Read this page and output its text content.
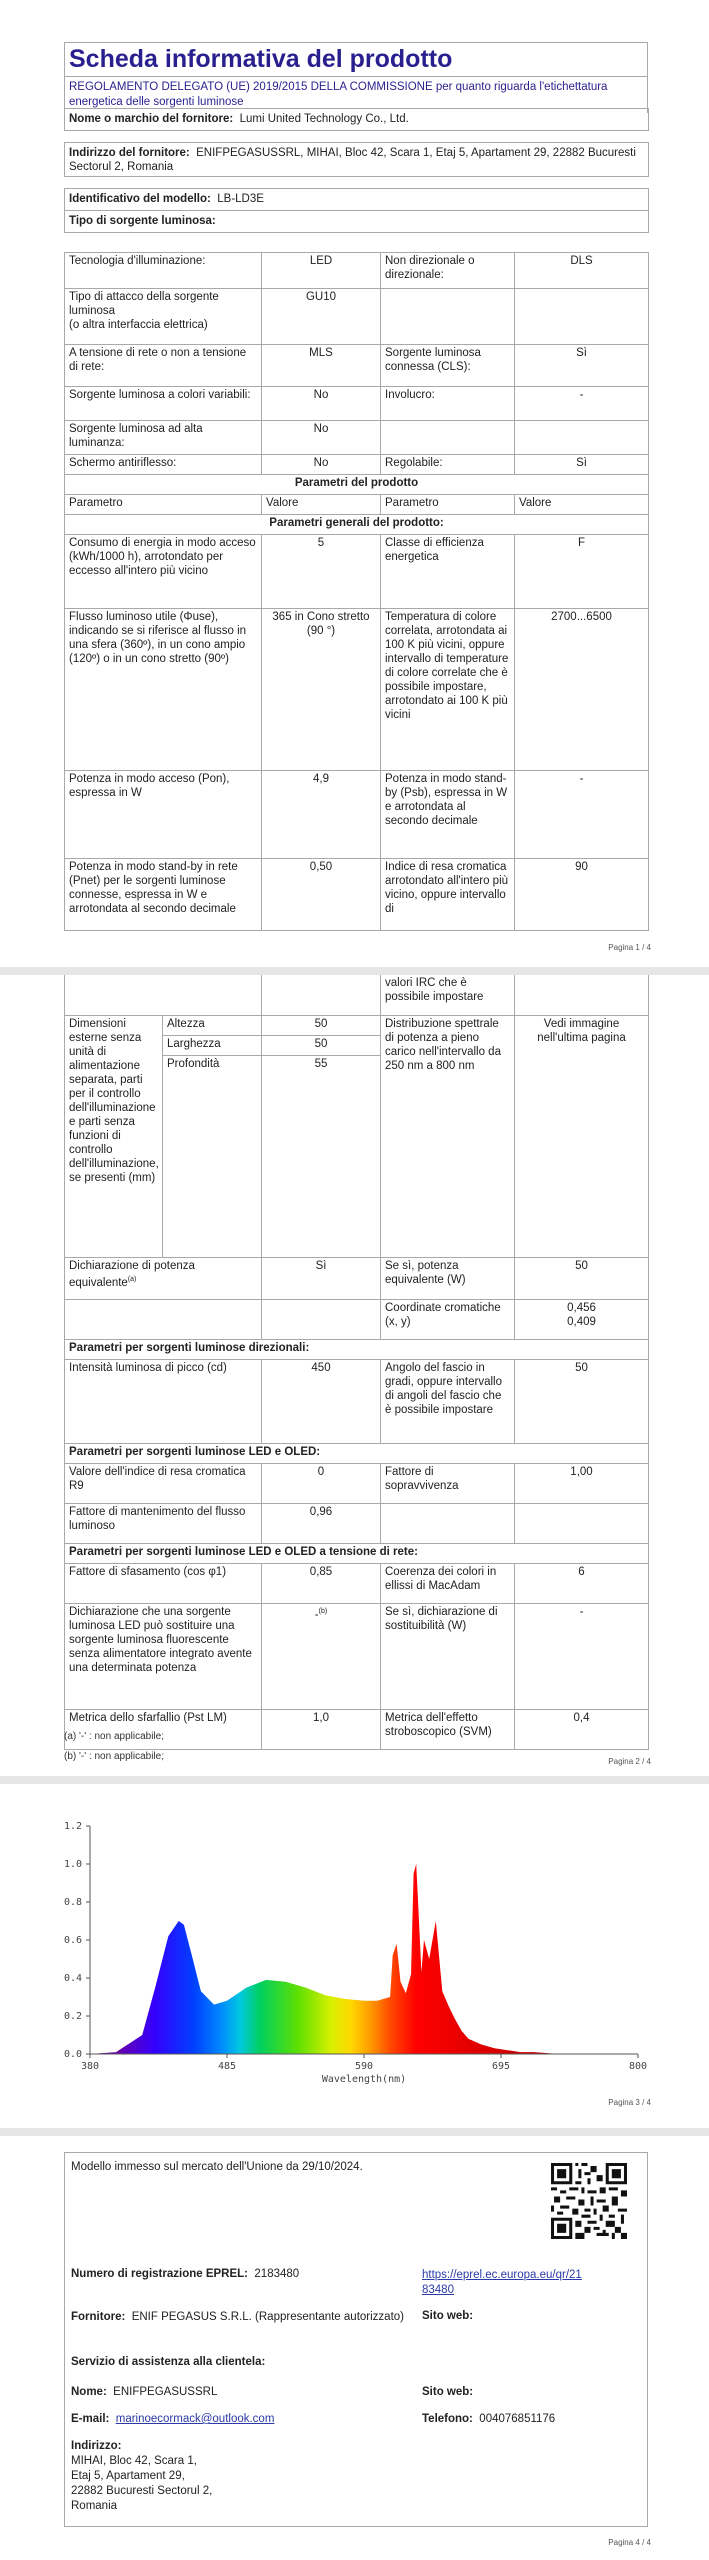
Scheda informativa del prodotto
REGOLAMENTO DELEGATO (UE) 2019/2015 DELLA COMMISSIONE per quanto riguarda l'etichettatura energetica delle sorgenti luminose
Nome o marchio del fornitore: Lumi United Technology Co., Ltd.

Indirizzo del fornitore: ENIFPEGASUSSRL, MIHAI, Bloc 42, Scara 1, Etaj 5, Apartament 29, 22882 Bucuresti Sectorul 2, Romania

Identificativo del modello: LB-LD3E
Tipo di sorgente luminosa:
Tecnologia d'illuminazione:	LED	Non direzionale o direzionale:	DLS

Tipo di attacco della sorgente luminosa
(o altra interfaccia elettrica)	GU10		
A tensione di rete o non a tensione di rete:	MLS	Sorgente luminosa connessa (CLS):	Sì
Sorgente luminosa a colori variabili:	No	Involucro:	-
Sorgente luminosa ad alta luminanza:	No		
Schermo antiriflesso:	No	Regolabile:	Sì
Parametri del prodotto			
Parametro	Valore	Parametro	Valore
Parametri generali del prodotto:			
Consumo di energia in modo acceso (kWh/1000 h), arrotondato per eccesso all'intero più vicino	5	Classe di efficienza energetica	F
Flusso luminoso utile (Φuse), indicando se si riferisce al flusso in una sfera (360º), in un cono ampio (120º) o in un cono stretto (90º)	365 in Cono stretto (90 °)	Temperatura di colore correlata, arrotondata ai 100 K più vicini, oppure intervallo di temperature di colore correlate che è possibile impostare, arrotondato ai 100 K più vicini	2700...6500
Potenza in modo acceso (Pon), espressa in W	4,9	Potenza in modo stand-by (Psb), espressa in W e arrotondata al secondo decimale	-
Potenza in modo stand-by in rete (Pnet) per le sorgenti luminose connesse, espressa in W e arrotondata al secondo decimale	0,50	Indice di resa cromatica arrotondato all'intero più vicino, oppure intervallo di	90
Pagina 1 / 4
			valori IRC che è possibile impostare	
Dimensioni esterne senza unità di alimentazione separata, parti per il controllo dell'illuminazione e parti senza funzioni di controllo dell'illuminazione, se presenti (mm)	Altezza	50	Distribuzione spettrale di potenza a pieno carico nell'intervallo da 250 nm a 800 nm	Vedi immagine nell'ultima pagina
	Larghezza	50		
	Profondità	55		
Dichiarazione di potenza equivalente$^{(a)}$		Sì	Se sì, potenza equivalente (W)	50
			Coordinate cromatiche (x, y)	0,456
0,409

Parametri per sorgenti luminose direzionali:				
Intensità luminosa di picco (cd)		450	Angolo del fascio in gradi, oppure intervallo di angoli del fascio che è possibile impostare	50
Parametri per sorgenti luminose LED e OLED:				
Valore dell'indice di resa cromatica R9		0	Fattore di sopravvivenza	1,00
Fattore di mantenimento del flusso luminoso		0,96		
Parametri per sorgenti luminose LED e OLED a tensione di rete:				
Fattore di sfasamento (cos φ1)		0,85	Coerenza dei colori in ellissi di MacAdam	6
Dichiarazione che una sorgente luminosa LED può sostituire una sorgente luminosa fluorescente senza alimentatore integrato avente una determinata potenza		-$^{(b)}$	Se sì, dichiarazione di sostituibilità (W)	-
Metrica dello sfarfallio (Pst LM)		1,0	Metrica dell'effetto stroboscopico (SVM)	0,4
(a) '-' : non applicabile;
(b) '-' : non applicabile;	Pagina 2 / 4
0.0
0.2
0.4
0.6
0.8
1.0
1.2
380	485	590	695	800
Wavelength(nm)
Pagina 3 / 4
Modello immesso sul mercato dell'Unione da 29/10/2024.
Numero di registrazione EPREL: 2183480	https://eprel.ec.europa.eu/qr/21
83480
Fornitore: ENIF PEGASUS S.R.L. (Rappresentante autorizzato)	Sito web:
Servizio di assistenza alla clientela:
Nome: ENIFPEGASUSSRL	Sito web:
E-mail: marinoecormack@outlook.com	Telefono: 004076851176
Indirizzo:
MIHAI, Bloc 42, Scara 1,
Etaj 5, Apartament 29,
22882 Bucuresti Sectorul 2,
Romania
Pagina 4 / 4
